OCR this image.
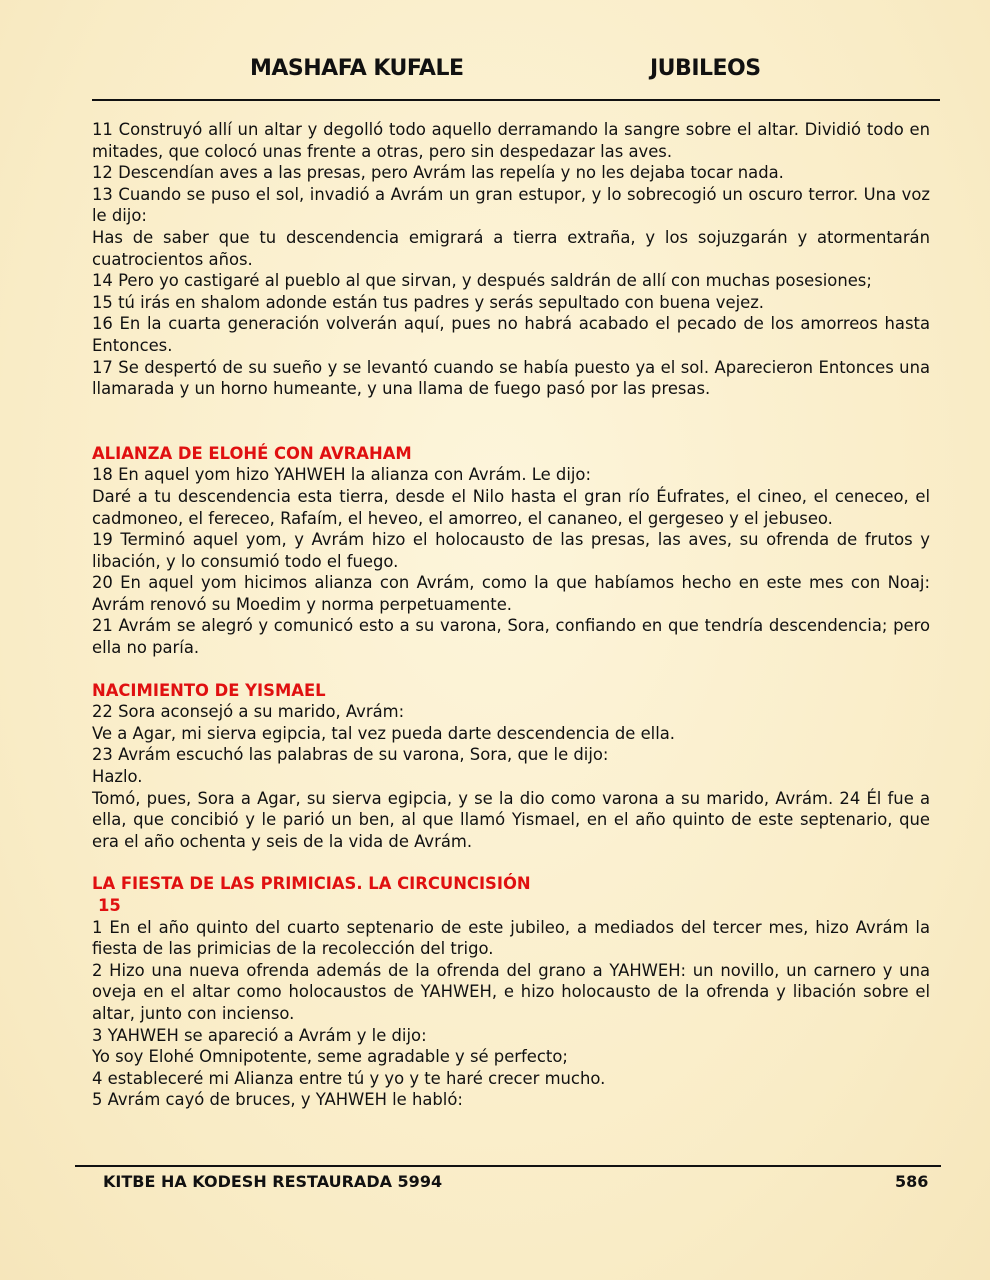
MASHAFA KUFALE	JUBILEOS

11 Construyó allí un altar y degolló todo aquello derramando la sangre sobre el altar. Dividió todo en mitades, que colocó unas frente a otras, pero sin despedazar las aves.

12 Descendían aves a las presas, pero Avrám las repelía y no les dejaba tocar nada.

13 Cuando se puso el sol, invadió a Avrám un gran estupor, y lo sobrecogió un oscuro terror. Una voz le dijo:

Has de saber que tu descendencia emigrará a tierra extraña, y los sojuzgarán y atormentarán cuatrocientos años.

14 Pero yo castigaré al pueblo al que sirvan, y después saldrán de allí con muchas posesiones;

15 tú irás en shalom adonde están tus padres y serás sepultado con buena vejez.

16 En la cuarta generación volverán aquí, pues no habrá acabado el pecado de los amorreos hasta Entonces.

17 Se despertó de su sueño y se levantó cuando se había puesto ya el sol. Aparecieron Entonces una llamarada y un horno humeante, y una llama de fuego pasó por las presas.

ALIANZA DE ELOHÉ CON AVRAHAM

18 En aquel yom hizo YAHWEH la alianza con Avrám. Le dijo:

Daré a tu descendencia esta tierra, desde el Nilo hasta el gran río Éufrates, el cineo, el ceneceo, el cadmoneo, el fereceo, Rafaím, el heveo, el amorreo, el cananeo, el gergeseo y el jebuseo.

19 Terminó aquel yom, y Avrám hizo el holocausto de las presas, las aves, su ofrenda de frutos y libación, y lo consumió todo el fuego.

20 En aquel yom hicimos alianza con Avrám, como la que habíamos hecho en este mes con Noaj: Avrám renovó su Moedim y norma perpetuamente.

21 Avrám se alegró y comunicó esto a su varona, Sora, confiando en que tendría descendencia; pero ella no paría.

NACIMIENTO DE YISMAEL

22 Sora aconsejó a su marido, Avrám:

Ve a Agar, mi sierva egipcia, tal vez pueda darte descendencia de ella.

23 Avrám escuchó las palabras de su varona, Sora, que le dijo:

Hazlo.

Tomó, pues, Sora a Agar, su sierva egipcia, y se la dio como varona a su marido, Avrám. 24 Él fue a ella, que concibió y le parió un ben, al que llamó Yismael, en el año quinto de este septenario, que era el año ochenta y seis de la vida de Avrám.

LA FIESTA DE LAS PRIMICIAS. LA CIRCUNCISIÓN
15

1 En el año quinto del cuarto septenario de este jubileo, a mediados del tercer mes, hizo Avrám la fiesta de las primicias de la recolección del trigo.

2 Hizo una nueva ofrenda además de la ofrenda del grano a YAHWEH: un novillo, un carnero y una oveja en el altar como holocaustos de YAHWEH, e hizo holocausto de la ofrenda y libación sobre el altar, junto con incienso.

3 YAHWEH se apareció a Avrám y le dijo:

Yo soy Elohé Omnipotente, seme agradable y sé perfecto;

4 estableceré mi Alianza entre tú y yo y te haré crecer mucho.

5 Avrám cayó de bruces, y YAHWEH le habló:

KITBE HA KODESH RESTAURADA 5994	586
